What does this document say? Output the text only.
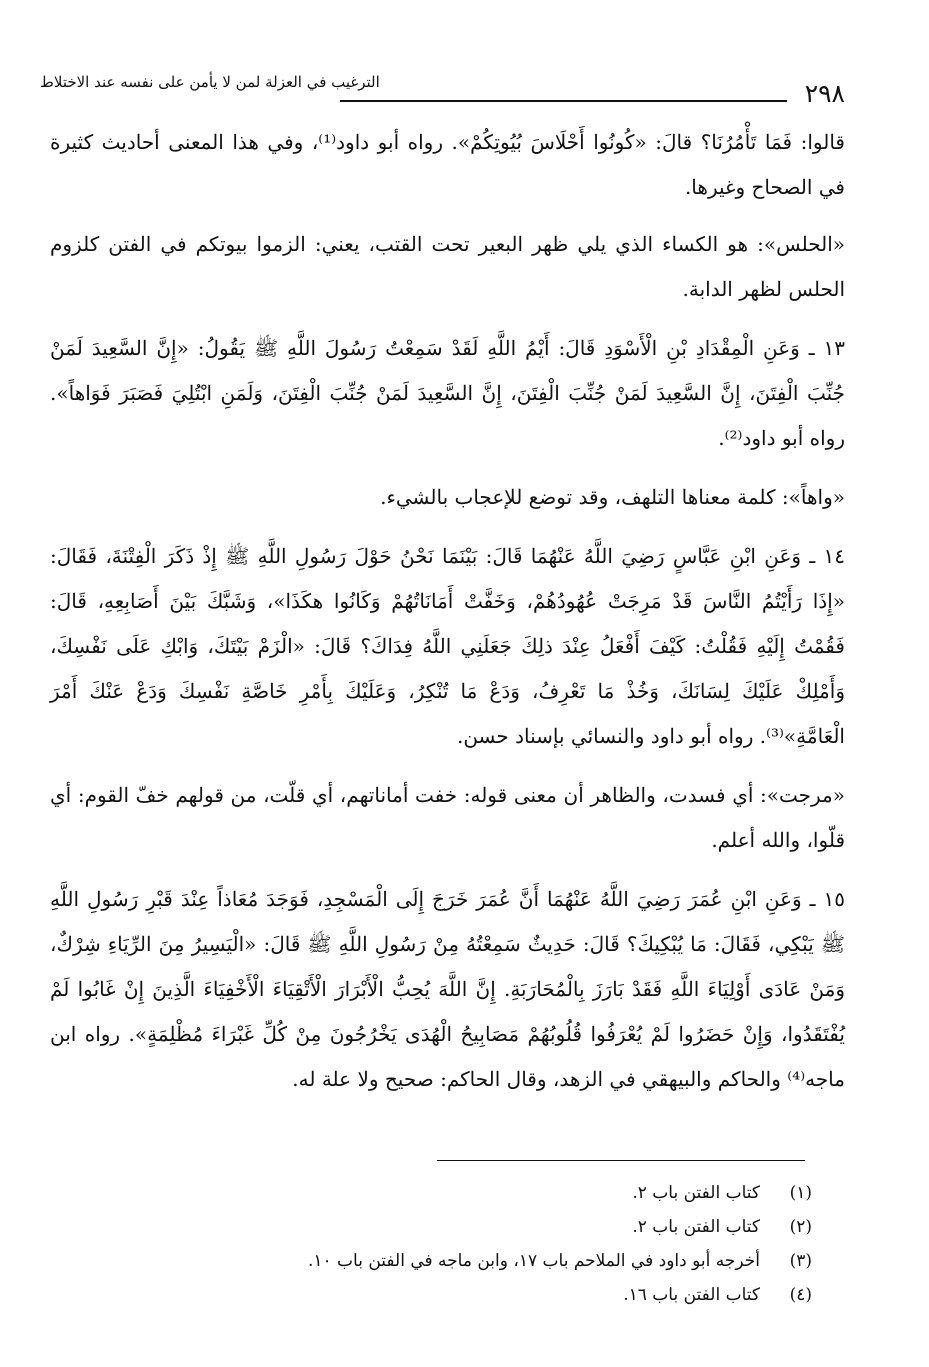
٢٩٨
الترغيب في العزلة لمن لا يأمن على نفسه عند الاختلاط

قالوا: فَمَا تَأْمُرُنَا؟ قالَ: «كُونُوا أَحْلَاسَ بُيُوتِكُمْ». رواه أبو داود⁽¹⁾، وفي هذا المعنى أحاديث كثيرة في الصحاح وغيرها.

«الحلس»: هو الكساء الذي يلي ظهر البعير تحت القتب، يعني: الزموا بيوتكم في الفتن كلزوم الحلس لظهر الدابة.

١٣ ـ وَعَنِ الْمِقْدَادِ بْنِ الْأَسْوَدِ قَالَ: أَيْمُ اللَّهِ لَقَدْ سَمِعْتُ رَسُولَ اللَّهِ ﷺ يَقُولُ: «إِنَّ السَّعِيدَ لَمَنْ جُنِّبَ الْفِتَنَ، إِنَّ السَّعِيدَ لَمَنْ جُنِّبَ الْفِتَنَ، إِنَّ السَّعِيدَ لَمَنْ جُنِّبَ الْفِتَنَ، وَلَمَنِ ابْتُلِيَ فَصَبَرَ فَوَاهاً». رواه أبو داود⁽²⁾.

«واهاً»: كلمة معناها التلهف، وقد توضع للإعجاب بالشيء.

١٤ ـ وَعَنِ ابْنِ عَبَّاسٍ رَضِيَ اللَّهُ عَنْهُمَا قَالَ: بَيْنَمَا نَحْنُ حَوْلَ رَسُولِ اللَّهِ ﷺ إِذْ ذَكَرَ الْفِتْنَةَ، فَقَالَ: «إِذَا رَأَيْتُمُ النَّاسَ قَدْ مَرِجَتْ عُهُودُهُمْ، وَخَفَّتْ أَمَانَاتُهُمْ وَكَانُوا هكَذَا»، وَشَبَّكَ بَيْنَ أَصَابِعِهِ، قَالَ: فَقُمْتُ إِلَيْهِ فَقُلْتُ: كَيْفَ أَفْعَلُ عِنْدَ ذلِكَ جَعَلَنِي اللَّهُ فِدَاكَ؟ قَالَ: «الْزَمْ بَيْتَكَ، وَابْكِ عَلَى نَفْسِكَ، وَأَمْلِكْ عَلَيْكَ لِسَانَكَ، وَخُذْ مَا تَعْرِفُ، وَدَعْ مَا تُنْكِرُ، وَعَلَيْكَ بِأَمْرِ خَاصَّةِ نَفْسِكَ وَدَعْ عَنْكَ أَمْرَ الْعَامَّةِ»⁽³⁾. رواه أبو داود والنسائي بإسناد حسن.

«مرجت»: أي فسدت، والظاهر أن معنى قوله: خفت أماناتهم، أي قلّت، من قولهم خفّ القوم: أي قلّوا، والله أعلم.

١٥ ـ وَعَنِ ابْنِ عُمَرَ رَضِيَ اللَّهُ عَنْهُمَا أَنَّ عُمَرَ خَرَجَ إِلَى الْمَسْجِدِ، فَوَجَدَ مُعَاذاً عِنْدَ قَبْرِ رَسُولِ اللَّهِ ﷺ يَبْكِي، فَقَالَ: مَا يُبْكِيكَ؟ قَالَ: حَدِيثٌ سَمِعْتُهُ مِنْ رَسُولِ اللَّهِ ﷺ قَالَ: «الْيَسِيرُ مِنَ الرِّيَاءِ شِرْكٌ، وَمَنْ عَادَى أَوْلِيَاءَ اللَّهِ فَقَدْ بَارَزَ بِالْمُحَارَبَةِ. إِنَّ اللَّهَ يُحِبُّ الْأَبْرَارَ الْأَتْقِيَاءَ الْأَخْفِيَاءَ الَّذِينَ إِنْ غَابُوا لَمْ يُفْتَقَدُوا، وَإِنْ حَضَرُوا لَمْ يُعْرَفُوا قُلُوبُهُمْ مَصَابِيحُ الْهُدَى يَخْرُجُونَ مِنْ كُلِّ غَبْرَاءَ مُظْلِمَةٍ». رواه ابن ماجه⁽⁴⁾ والحاكم والبيهقي في الزهد، وقال الحاكم: صحيح ولا علة له.

(١)
كتاب الفتن باب ٢.
(٢)
كتاب الفتن باب ٢.
(٣)
أخرجه أبو داود في الملاحم باب ١٧، وابن ماجه في الفتن باب ١٠.
(٤)
كتاب الفتن باب ١٦.
